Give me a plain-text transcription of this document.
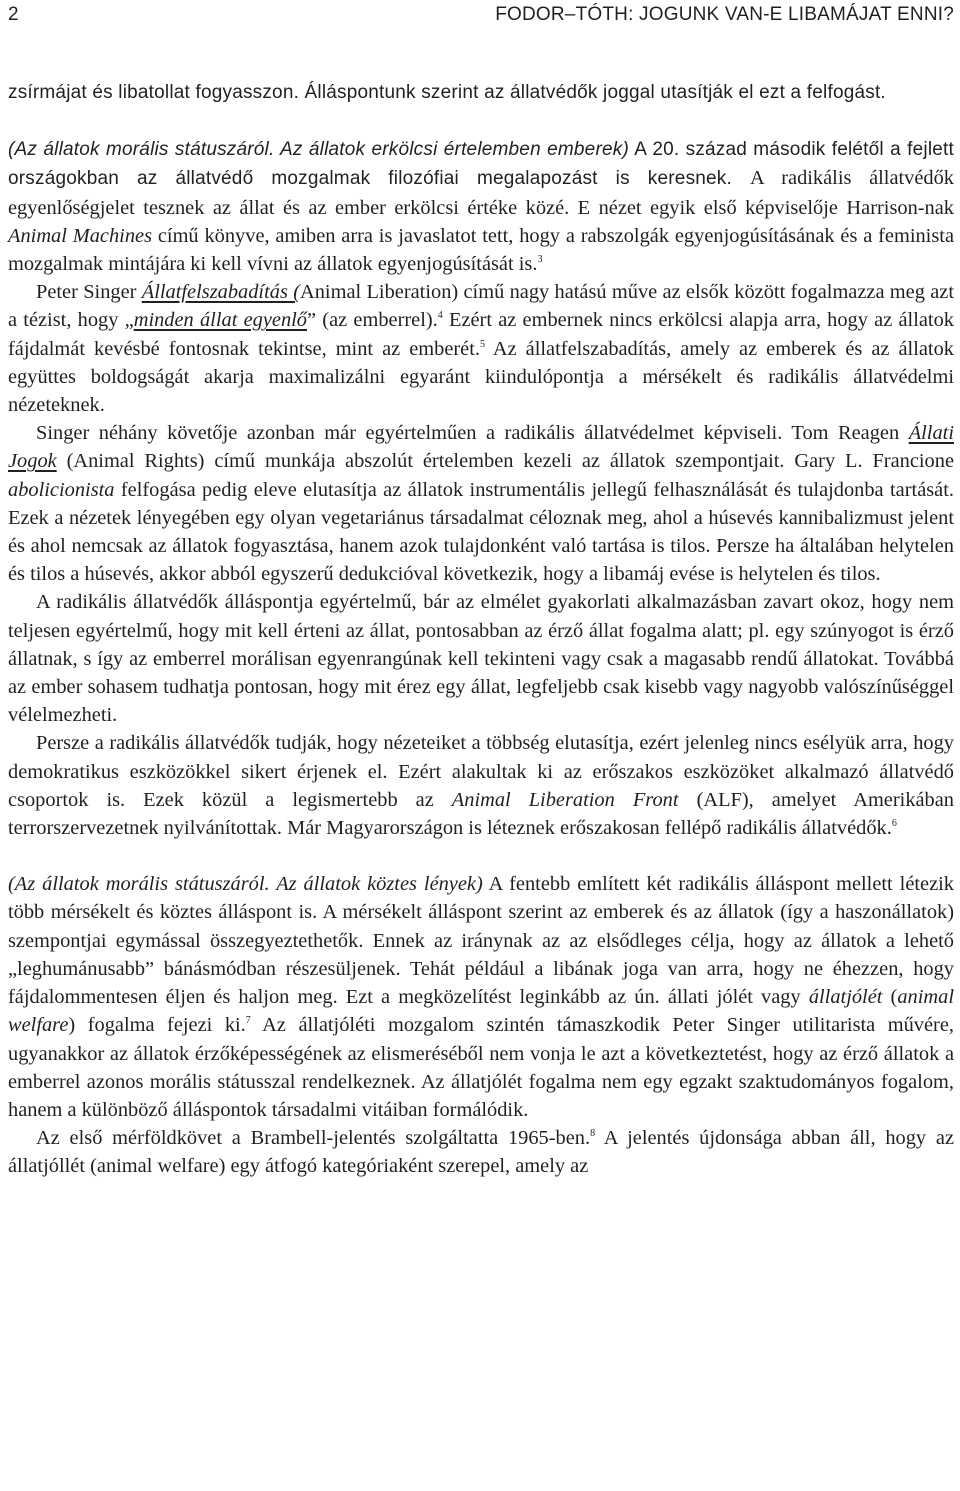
2	FODOR–TÓTH: JOGUNK VAN-E LIBAMÁJAT ENNI?

zsírmájat és libatollat fogyasszon. Álláspontunk szerint az állatvédők joggal utasítják el ezt a felfogást.

(Az állatok morális státuszáról. Az állatok erkölcsi értelemben emberek) A 20. század második felétől a fejlett országokban az állatvédő mozgalmak filozófiai megalapozást is keresnek. A radikális állatvédők egyenlőségjelet tesznek az állat és az ember erkölcsi értéke közé. E nézet egyik első képviselője Harrison-nak Animal Machines című könyve, amiben arra is javaslatot tett, hogy a rabszolgák egyenjogúsításának és a feminista mozgalmak mintájára ki kell vívni az állatok egyenjogúsítását is.$^3$

Peter Singer Állatfelszabadítás (Animal Liberation) című nagy hatású műve az elsők között fogalmazza meg azt a tézist, hogy „minden állat egyenlő” (az emberrel).$^4$ Ezért az embernek nincs erkölcsi alapja arra, hogy az állatok fájdalmát kevésbé fontosnak tekintse, mint az emberét.$^5$ Az állatfelszabadítás, amely az emberek és az állatok együttes boldogságát akarja maximalizálni egyaránt kiindulópontja a mérsékelt és radikális állatvédelmi nézeteknek.

Singer néhány követője azonban már egyértelműen a radikális állatvédelmet képviseli. Tom Reagen Állati Jogok (Animal Rights) című munkája abszolút értelemben kezeli az állatok szempontjait. Gary L. Francione abolicionista felfogása pedig eleve elutasítja az állatok instrumentális jellegű felhasználását és tulajdonba tartását. Ezek a nézetek lényegében egy olyan vegetariánus társadalmat céloznak meg, ahol a húsevés kannibalizmust jelent és ahol nemcsak az állatok fogyasztása, hanem azok tulajdonként való tartása is tilos. Persze ha általában helytelen és tilos a húsevés, akkor abból egyszerű dedukcióval következik, hogy a libamáj evése is helytelen és tilos.

A radikális állatvédők álláspontja egyértelmű, bár az elmélet gyakorlati alkalmazásban zavart okoz, hogy nem teljesen egyértelmű, hogy mit kell érteni az állat, pontosabban az érző állat fogalma alatt; pl. egy szúnyogot is érző állatnak, s így az emberrel morálisan egyenrangúnak kell tekinteni vagy csak a magasabb rendű állatokat. Továbbá az ember sohasem tudhatja pontosan, hogy mit érez egy állat, legfeljebb csak kisebb vagy nagyobb valószínűséggel vélelmezheti.

Persze a radikális állatvédők tudják, hogy nézeteiket a többség elutasítja, ezért jelenleg nincs esélyük arra, hogy demokratikus eszközökkel sikert érjenek el. Ezért alakultak ki az erőszakos eszközöket alkalmazó állatvédő csoportok is. Ezek közül a legismertebb az Animal Liberation Front (ALF), amelyet Amerikában terrorszervezetnek nyilvánítottak. Már Magyarországon is léteznek erőszakosan fellépő radikális állatvédők.$^6$

(Az állatok morális státuszáról. Az állatok köztes lények) A fentebb említett két radikális álláspont mellett létezik több mérsékelt és köztes álláspont is. A mérsékelt álláspont szerint az emberek és az állatok (így a haszonállatok) szempontjai egymással összegyeztethetők. Ennek az iránynak az az elsődleges célja, hogy az állatok a lehető „leghumánusabb” bánásmódban részesüljenek. Tehát például a libának joga van arra, hogy ne éhezzen, hogy fájdalommentesen éljen és haljon meg. Ezt a megközelítést leginkább az ún. állati jólét vagy állatjólét (animal welfare) fogalma fejezi ki.$^7$ Az állatjóléti mozgalom szintén támaszkodik Peter Singer utilitarista művére, ugyanakkor az állatok érzőképességének az elismeréséből nem vonja le azt a következtetést, hogy az érző állatok a emberrel azonos morális státusszal rendelkeznek. Az állatjólét fogalma nem egy egzakt szaktudományos fogalom, hanem a különböző álláspontok társadalmi vitáiban formálódik.

Az első mérföldkövet a Brambell-jelentés szolgáltatta 1965-ben.$^8$ A jelentés újdonsága abban áll, hogy az állatjóllét (animal welfare) egy átfogó kategóriaként szerepel, amely az
